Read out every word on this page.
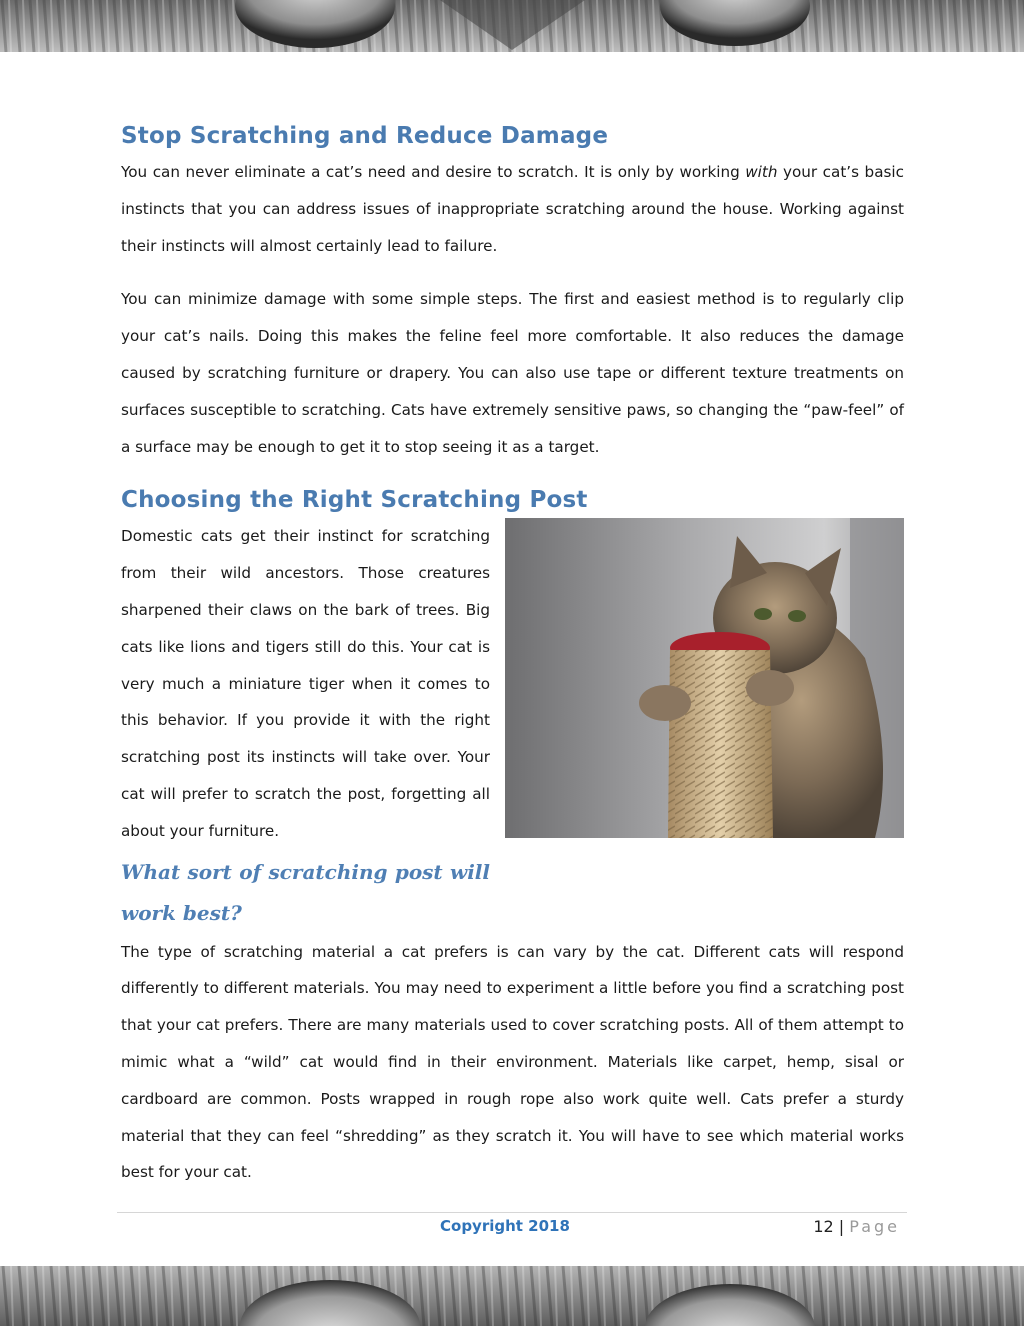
Stop Scratching and Reduce Damage

You can never eliminate a cat’s need and desire to scratch. It is only by working with your cat’s basic instincts that you can address issues of inappropriate scratching around the house. Working against their instincts will almost certainly lead to failure.

You can minimize damage with some simple steps. The first and easiest method is to regularly clip your cat’s nails. Doing this makes the feline feel more comfortable. It also reduces the damage caused by scratching furniture or drapery. You can also use tape or different texture treatments on surfaces susceptible to scratching. Cats have extremely sensitive paws, so changing the “paw-feel” of a surface may be enough to get it to stop seeing it as a target.

Choosing the Right Scratching Post

Domestic cats get their instinct for scratching from their wild ancestors. Those creatures sharpened their claws on the bark of trees. Big cats like lions and tigers still do this. Your cat is very much a miniature tiger when it comes to this behavior. If you provide it with the right scratching post its instincts will take over. Your cat will prefer to scratch the post, forgetting all about your furniture.

What sort of scratching post will work best?

The type of scratching material a cat prefers is can vary by the cat. Different cats will respond differently to different materials. You may need to experiment a little before you find a scratching post that your cat prefers. There are many materials used to cover scratching posts. All of them attempt to mimic what a “wild” cat would find in their environment. Materials like carpet, hemp, sisal or cardboard are common. Posts wrapped in rough rope also work quite well. Cats prefer a sturdy material that they can feel “shredding” as they scratch it. You will have to see which material works best for your cat.

Copyright 2018	12 | Page
